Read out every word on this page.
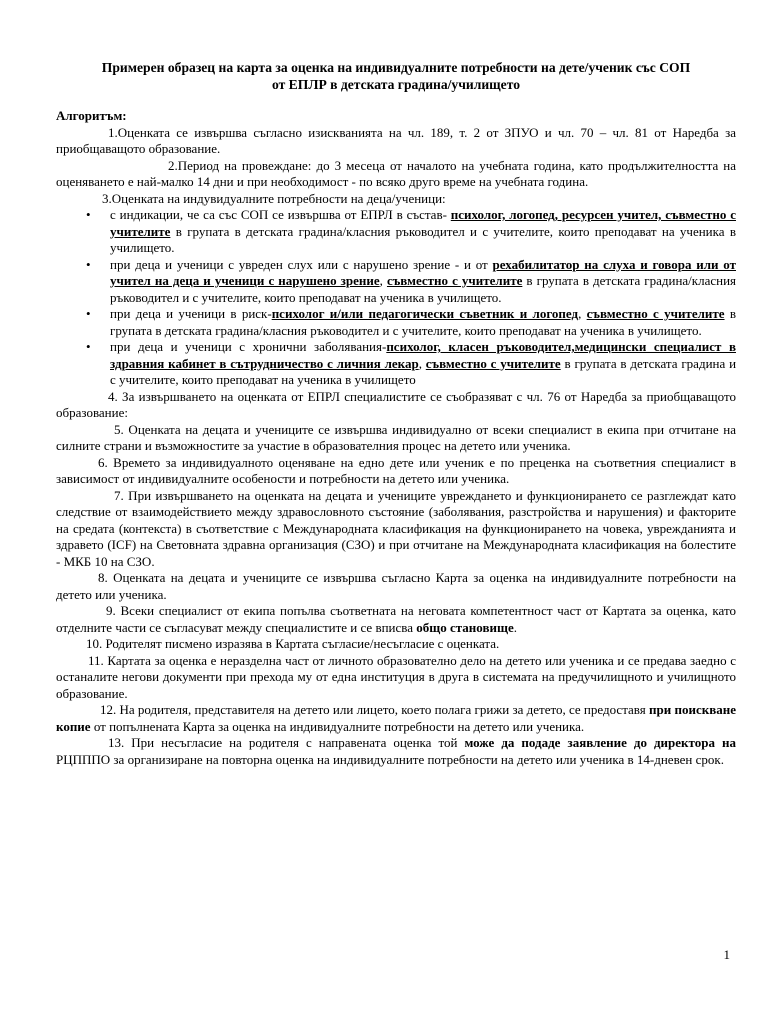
Примерен образец на карта за оценка на индивидуалните потребности на дете/ученик със СОП
от ЕПЛР в детската градина/училището

Алгоритъм:

1.Оценката се извършва съгласно изискванията на чл. 189, т. 2 от ЗПУО и чл. 70 – чл. 81 от Наредба за приобщаващото образование.

2.Период на провеждане: до 3 месеца от началото на учебната година, като продължителността на оценяването е най-малко 14 дни и при необходимост - по всяко друго време на учебната година.

3.Оценката на индувидуалните потребности на деца/ученици:

• с индикации, че са със СОП се извършва от ЕПРЛ в състав- психолог, логопед, ресурсен учител, съвместно с учителите в групата в детската градина/класния ръководител и с учителите, които преподават на ученика в училището.
• при деца и ученици с увреден слух или с нарушено зрение - и от рехабилитатор на слуха и говора или от учител на деца и ученици с нарушено зрение, съвместно с учителите в групата в детската градина/класния ръководител и с учителите, които преподават на ученика в училището.
• при деца и ученици в риск-психолог и/или педагогически съветник и логопед, съвместно с учителите в групата в детската градина/класния ръководител и с учителите, които преподават на ученика в училището.
• при деца и ученици с хронични заболявания-психолог, класен ръководител,медицински специалист в здравния кабинет в сътрудничество с личния лекар, съвместно с учителите в групата в детската градина и с учителите, които преподават на ученика в училището

4. За извършването на оценката от ЕПРЛ специалистите се съобразяват с чл. 76 от Наредба за приобщаващото образование:

5. Оценката на децата и учениците се извършва индивидуално от всеки специалист в екипа при отчитане на силните страни и възможностите за участие в образователния процес на детето или ученика.

6. Времето за индивидуалното оценяване на едно дете или ученик е по преценка на съответния специалист в зависимост от индивидуалните особености и потребности на детето или ученика.

7. При извършването на оценката на децата и учениците увреждането и функционирането се разглеждат като следствие от взаимодействието между здравословното състояние (заболявания, разстройства и нарушения) и факторите на средата (контекста) в съответствие с Международната класификация на функционирането на човека, уврежданията и здравето (ICF) на Световната здравна организация (СЗО) и при отчитане на Международната класификация на болестите - МКБ 10 на СЗО.

8. Оценката на децата и учениците се извършва съгласно Карта за оценка на индивидуалните потребности на детето или ученика.

9. Всеки специалист от екипа попълва съответната на неговата компетентност част от Картата за оценка, като отделните части се съгласуват между специалистите и се вписва общо становище.

10. Родителят писмено изразява в Картата съгласие/несъгласие с оценката.

11. Картата за оценка е неразделна част от личното образователно дело на детето или ученика и се предава заедно с останалите негови документи при прехода му от една институция в друга в системата на предучилищното и училищното образование.

12. На родителя, представителя на детето или лицето, което полага грижи за детето, се предоставя при поискване копие от попълнената Карта за оценка на индивидуалните потребности на детето или ученика.

13. При несъгласие на родителя с направената оценка той може да подаде заявление до директора на РЦПППО за организиране на повторна оценка на индивидуалните потребности на детето или ученика в 14-дневен срок.

1
